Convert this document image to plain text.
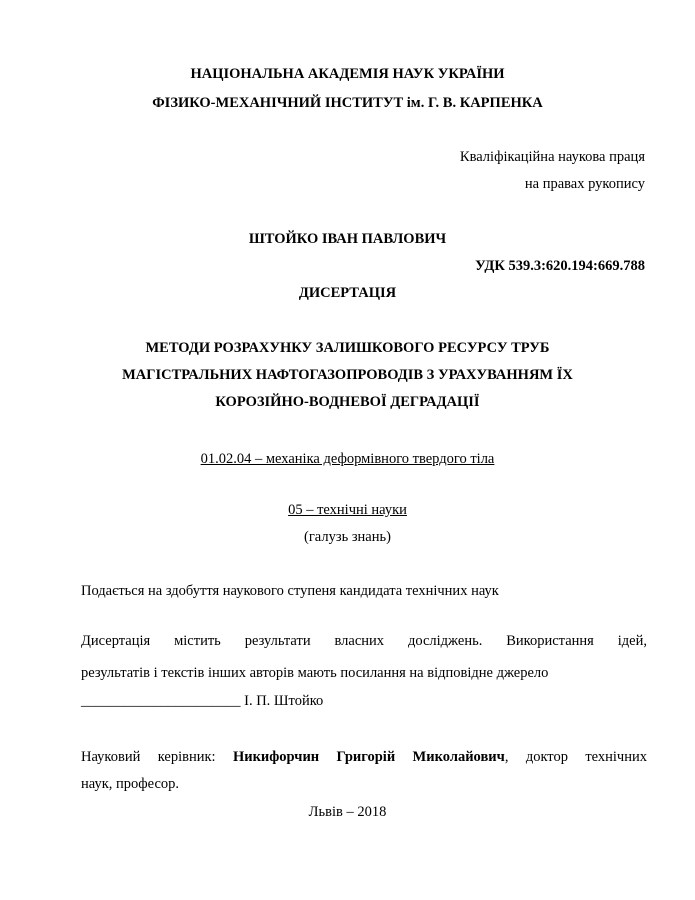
НАЦІОНАЛЬНА АКАДЕМІЯ НАУК УКРАЇНИ
ФІЗИКО-МЕХАНІЧНИЙ ІНСТИТУТ ім. Г. В. КАРПЕНКА
Кваліфікаційна наукова праця
на правах рукопису
ШТОЙКО ІВАН ПАВЛОВИЧ
УДК 539.3:620.194:669.788
ДИСЕРТАЦІЯ
МЕТОДИ РОЗРАХУНКУ ЗАЛИШКОВОГО РЕСУРСУ ТРУБ
МАГІСТРАЛЬНИХ НАФТОГАЗОПРОВОДІВ З УРАХУВАННЯМ ЇХ
КОРОЗІЙНО-ВОДНЕВОЇ ДЕГРАДАЦІЇ
01.02.04 – механіка деформівного твердого тіла
05 – технічні науки
(галузь знань)
Подається на здобуття наукового ступеня кандидата технічних наук
Дисертація містить результати власних досліджень. Використання ідей,
результатів і текстів інших авторів мають посилання на відповідне джерело
______________________ І. П. Штойко
Науковий керівник: Никифорчин Григорій Миколайович, доктор технічних
наук, професор.
Львів – 2018
